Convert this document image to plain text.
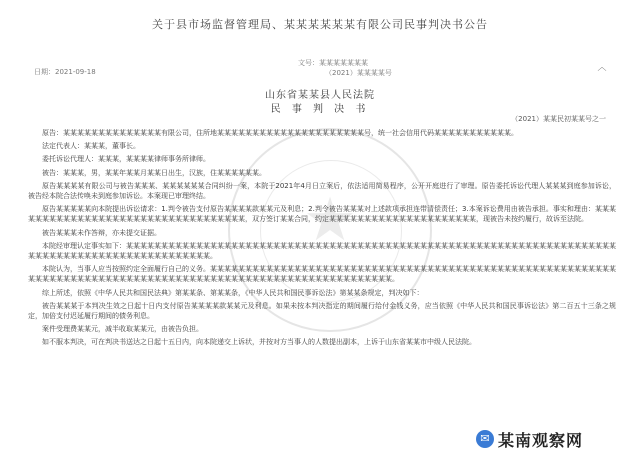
关于县市场监督管理局、某某某某某某有限公司民事判决书公告
日期：2021-09-18
文号：某某某某某某某
（2021）某某某某号	︿
★
山东省某某县人民法院
民 事 判 决 书
（2021）某某民初某某号之一

原告：某某某某某某某某某某某某某某有限公司，住所地某某某某某某某某某某某某某某某某某某某某某号，统一社会信用代码某某某某某某某某某某某。

法定代表人：某某某，董事长。

委托诉讼代理人：某某某，某某某某律师事务所律师。

被告：某某某，男，某某年某某月某某日出生，汉族，住某某某某某某。

原告某某某某有限公司与被告某某某、某某某某某某合同纠纷一案，本院于2021年4月日立案后，依法适用简易程序，公开开庭进行了审理。原告委托诉讼代理人某某某到庭参加诉讼，被告经本院合法传唤未到庭参加诉讼。本案现已审理终结。

原告某某某某某向本院提出诉讼请求：1.判令被告支付原告某某某某款某某元及利息；2.判令被告某某某对上述款项承担连带清偿责任；3.本案诉讼费用由被告承担。事实和理由：某某某某某某某某某某某某某某某某某某某某某某某某某某某某某某某某某某，双方签订某某合同，约定某某某某某某某某某某某某某某某某某某某某某，现被告未按约履行，故诉至法院。

被告某某某未作答辩，亦未提交证据。

本院经审理认定事实如下：某某某某某某某某某某某某某某某某某某某某某某某某某某某某某某某某某某某某某某某某某某某某某某某某某某某某某某某某某某某某某某某某某某某某某某某某某某某某某某某某某某某某某某某某某某某某某某某某。

本院认为，当事人应当按照约定全面履行自己的义务。某某某某某某某某某某某某某某某某某某某某某某某某某某某某某某某某某某某某某某某某某某某某某某某某某某某某某某某某某某某某某某某某某某某某某某某某某某某某某某某某某某某某某某某某某某某某某某某某某某某某某某某某某某某某某某。

综上所述，依照《中华人民共和国民法典》第某某条、第某某条，《中华人民共和国民事诉讼法》第某某条规定，判决如下：

被告某某某于本判决生效之日起十日内支付原告某某某某款某某元及利息。如果未按本判决指定的期间履行给付金钱义务，应当依照《中华人民共和国民事诉讼法》第二百五十三条之规定，加倍支付迟延履行期间的债务利息。

案件受理费某某元，减半收取某某元，由被告负担。

如不服本判决，可在判决书送达之日起十五日内，向本院递交上诉状，并按对方当事人的人数提出副本，上诉于山东省某某市中级人民法院。

✉ 某南观察网
